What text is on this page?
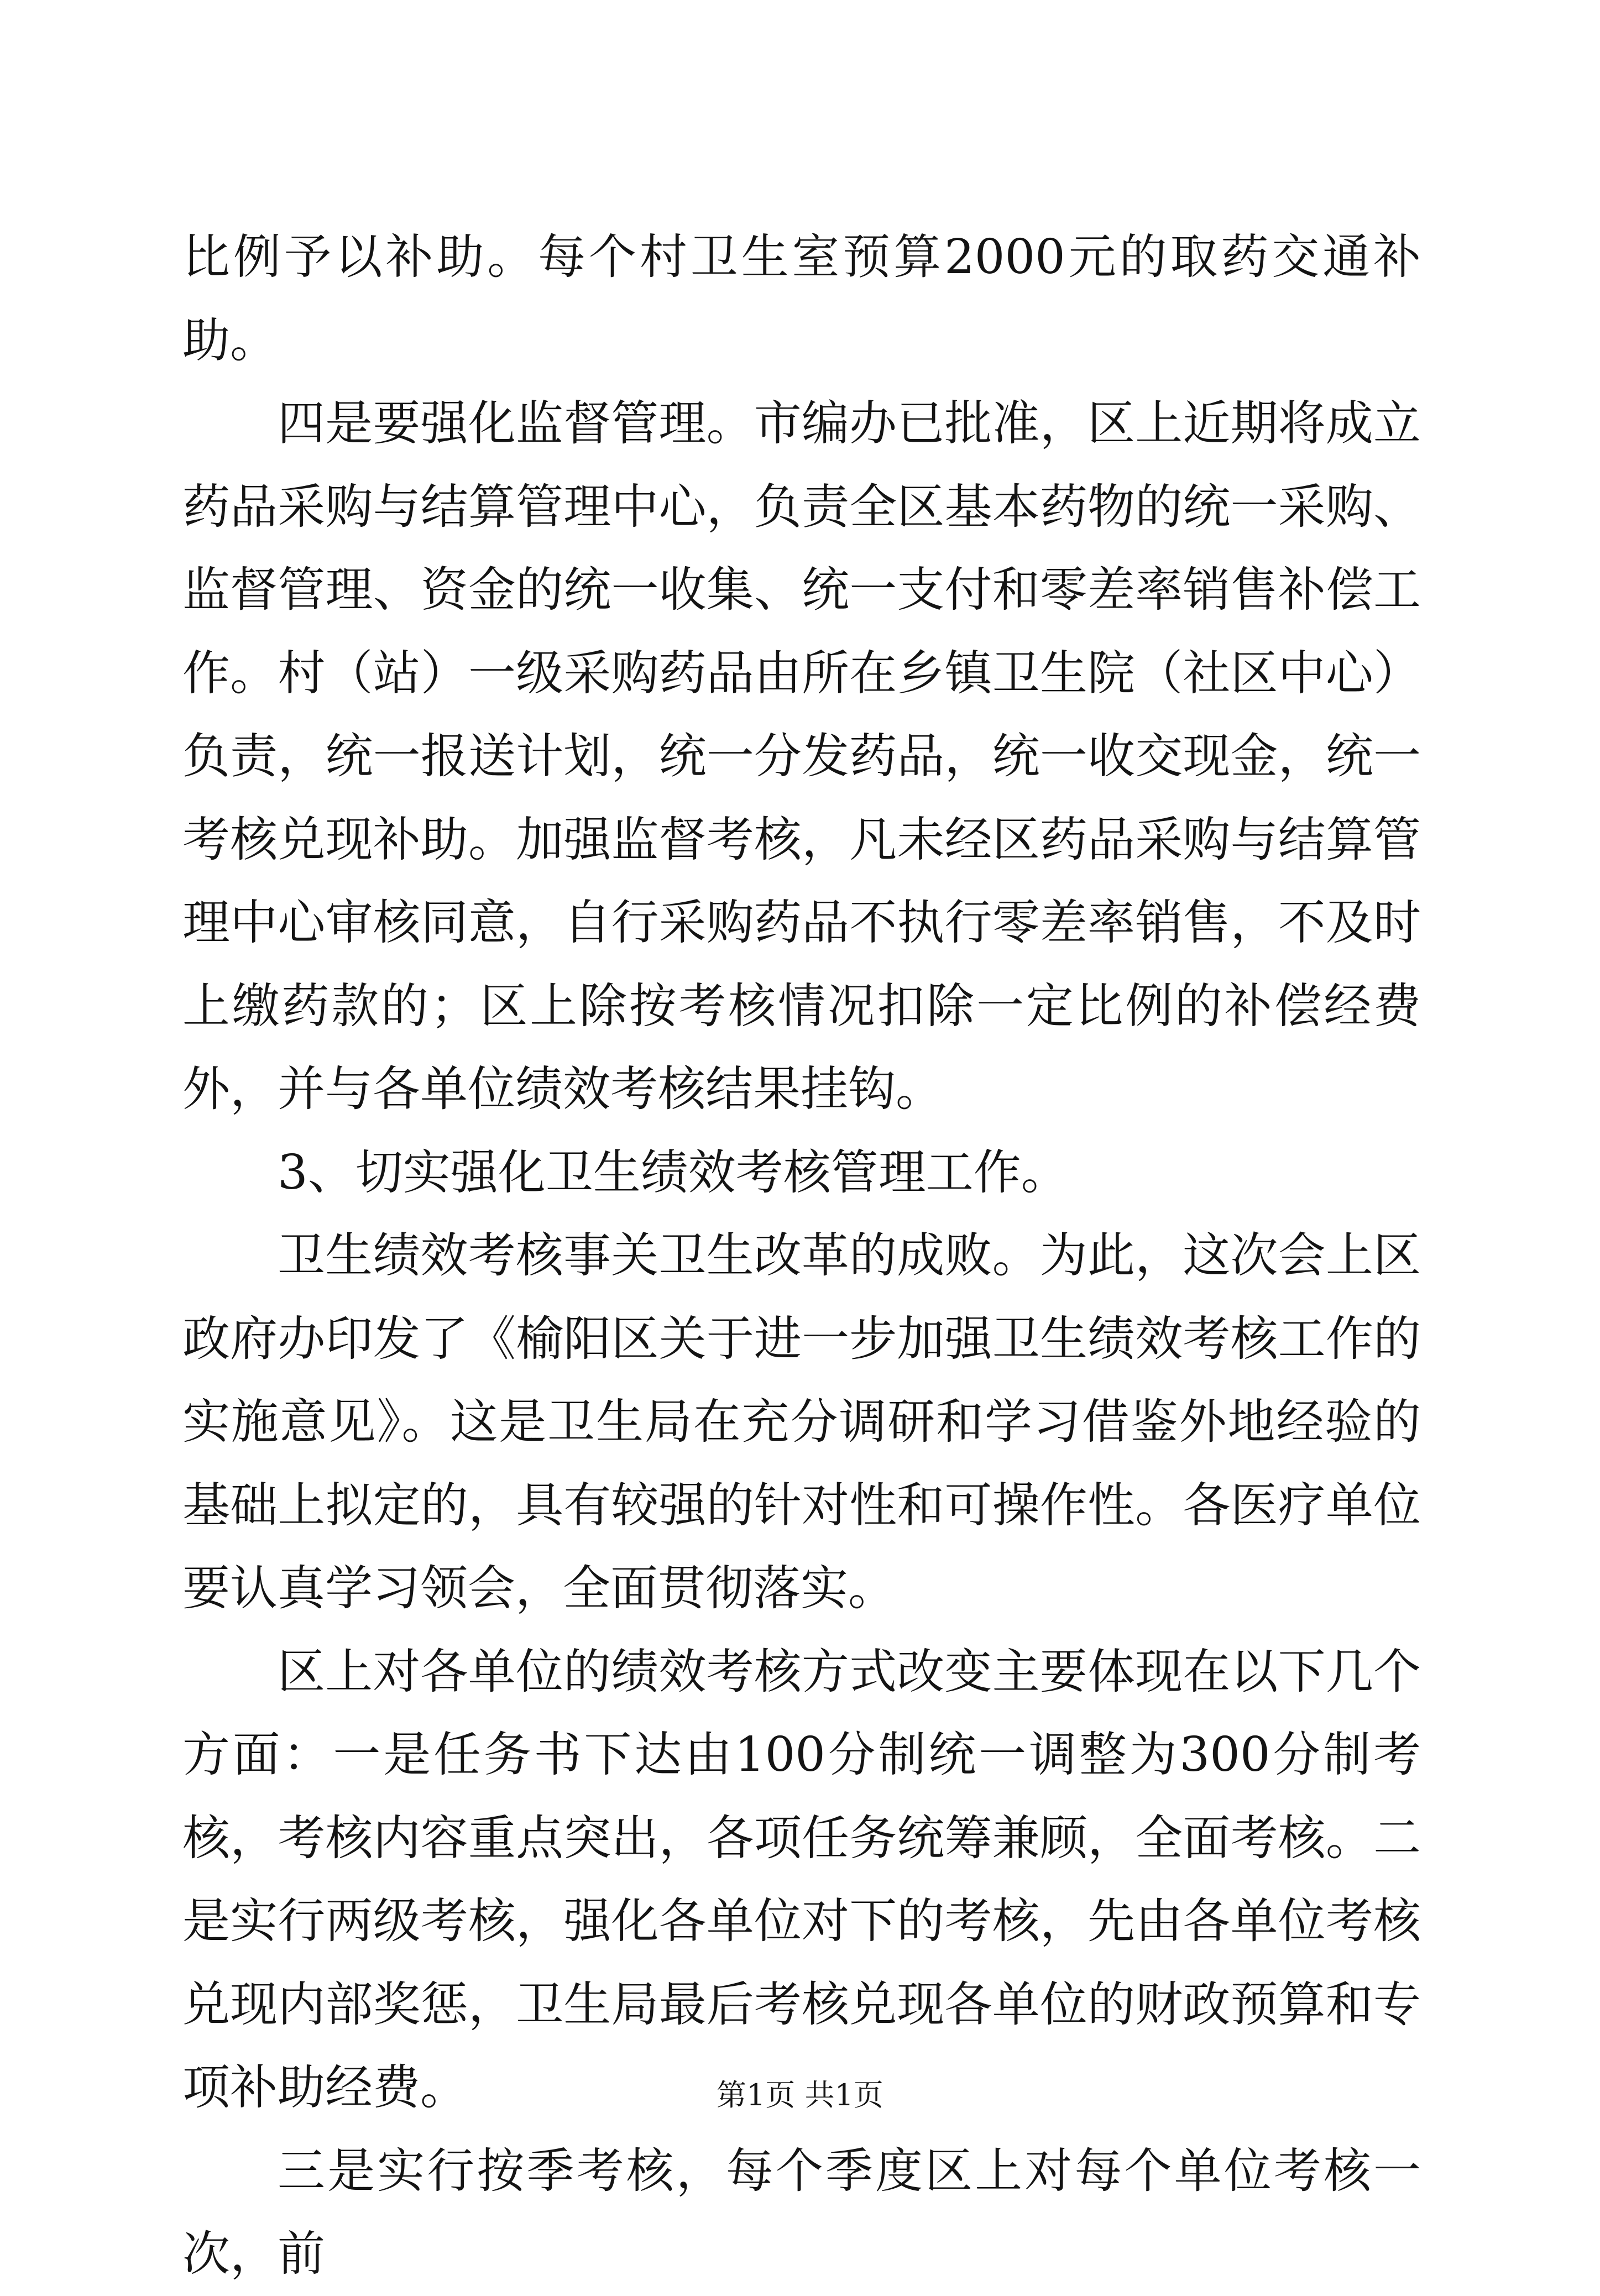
比例予以补助。每个村卫生室预算2000元的取药交通补助。

四是要强化监督管理。市编办已批准，区上近期将成立药品采购与结算管理中心，负责全区基本药物的统一采购、监督管理、资金的统一收集、统一支付和零差率销售补偿工作。村（站）一级采购药品由所在乡镇卫生院（社区中心）负责，统一报送计划，统一分发药品，统一收交现金，统一考核兑现补助。加强监督考核，凡未经区药品采购与结算管理中心审核同意，自行采购药品不执行零差率销售，不及时上缴药款的；区上除按考核情况扣除一定比例的补偿经费外，并与各单位绩效考核结果挂钩。

3、切实强化卫生绩效考核管理工作。

卫生绩效考核事关卫生改革的成败。为此，这次会上区政府办印发了《榆阳区关于进一步加强卫生绩效考核工作的实施意见》。这是卫生局在充分调研和学习借鉴外地经验的基础上拟定的，具有较强的针对性和可操作性。各医疗单位要认真学习领会，全面贯彻落实。

区上对各单位的绩效考核方式改变主要体现在以下几个方面：一是任务书下达由100分制统一调整为300分制考核，考核内容重点突出，各项任务统筹兼顾，全面考核。二是实行两级考核，强化各单位对下的考核，先由各单位考核兑现内部奖惩，卫生局最后考核兑现各单位的财政预算和专项补助经费。

三是实行按季考核，每个季度区上对每个单位考核一次，前

第1页 共1页
